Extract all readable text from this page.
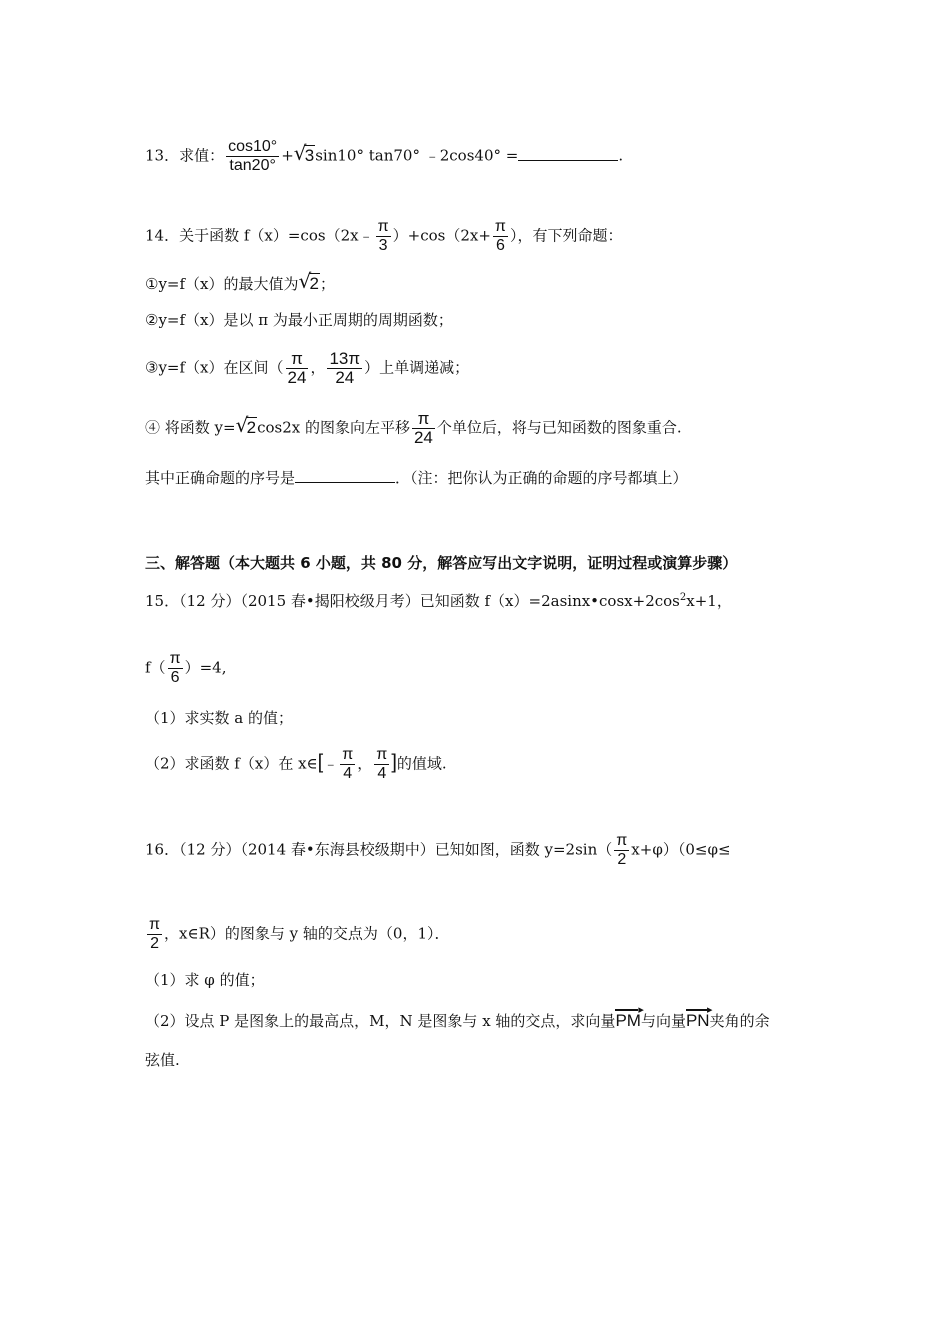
13．求值： $\frac{\cos 10^\circ}{\tan 20^\circ}$ + √ 3sin10° tan70° ﹣2cos40° =	.
14．关于函数 f（x）=cos（2x﹣ $\frac{\pi}{3} )+\cos(2x+ \frac{\pi}{6}$ ），有下列命题：
①y=f（x）的最大值为 √ 2；
②y=f（x）是以 π 为最小正周期的周期函数；
③y=f（x）在区间（ $\frac{\pi}{24}$ ， $\frac{13\pi}{24}$ ）上单调递减；
④ 将函数 y= √ 2cos2x 的图象向左平移 $\frac{\pi}{24}$ 个单位后，将与已知函数的图象重合.
其中正确命题的序号是	．（注：把你认为正确的命题的序号都填上）
三、解答题（本大题共 6 小题，共 80 分，解答应写出文字说明，证明过程或演算步骤）
15．（12 分）（2015 春•揭阳校级月考）已知函数 $f(x)=2asinx•\cos x+2\cos^2x+1$，
$f( \frac{\pi}{6} )=4$,
（1）求实数 a 的值；
（2）求函数 f（x）在 x∈[﹣ $\frac{\pi}{4}$ ， $\frac{\pi}{4}$ ]的值域.
16．（12 分）（2014 春•东海县校级期中）已知如图，函数 $y=2\sin( \frac{\pi}{2} x+\varphi)(0\le\varphi\le$
$\frac{\pi}{2}$ ，x∈R）的图象与 y 轴的交点为（0，1）．
（1）求 φ 的值；
（2）设点 P 是图象上的最高点，M，N 是图象与 x 轴的交点，求向量PM ▸与向量PN ▸夹角的余
弦值.
